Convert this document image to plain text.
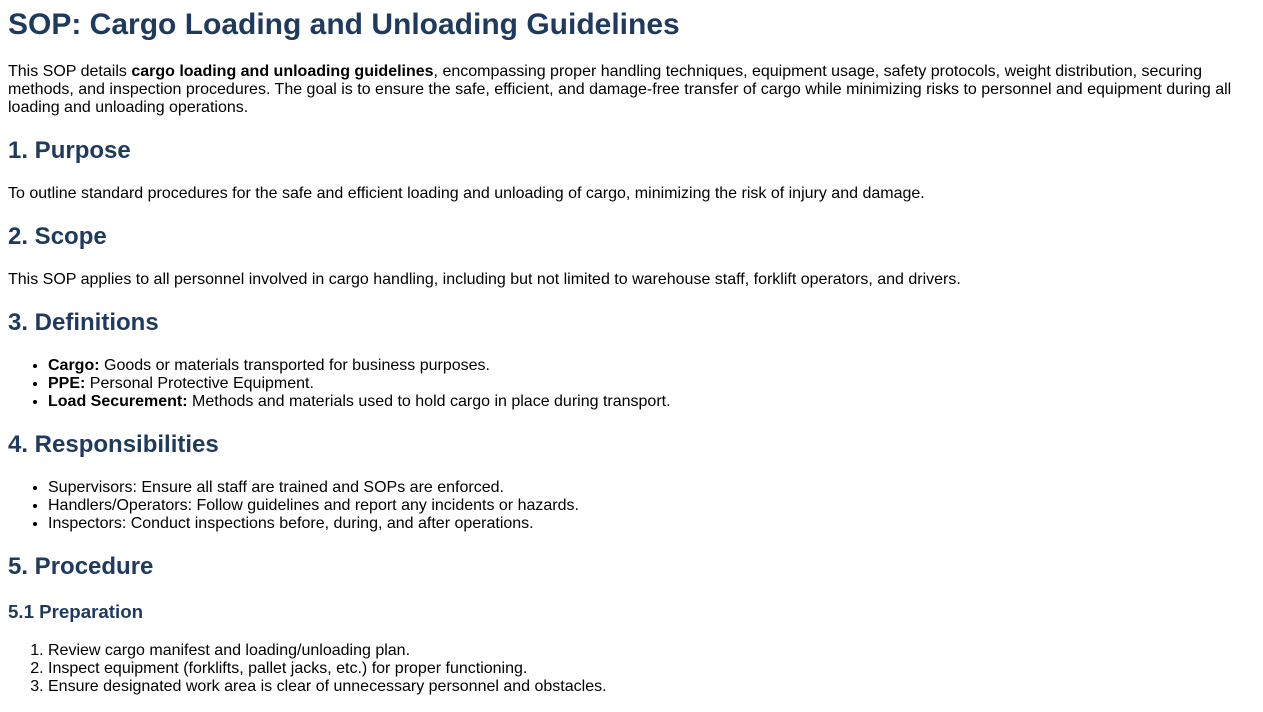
SOP: Cargo Loading and Unloading Guidelines

This SOP details cargo loading and unloading guidelines, encompassing proper handling techniques, equipment usage, safety protocols, weight distribution, securing methods, and inspection procedures. The goal is to ensure the safe, efficient, and damage-free transfer of cargo while minimizing risks to personnel and equipment during all loading and unloading operations.

1. Purpose

To outline standard procedures for the safe and efficient loading and unloading of cargo, minimizing the risk of injury and damage.

2. Scope

This SOP applies to all personnel involved in cargo handling, including but not limited to warehouse staff, forklift operators, and drivers.

3. Definitions
• Cargo: Goods or materials transported for business purposes.
• PPE: Personal Protective Equipment.
• Load Securement: Methods and materials used to hold cargo in place during transport.
4. Responsibilities
• Supervisors: Ensure all staff are trained and SOPs are enforced.
• Handlers/Operators: Follow guidelines and report any incidents or hazards.
• Inspectors: Conduct inspections before, during, and after operations.
5. Procedure
5.1 Preparation
1. Review cargo manifest and loading/unloading plan.
2. Inspect equipment (forklifts, pallet jacks, etc.) for proper functioning.
3. Ensure designated work area is clear of unnecessary personnel and obstacles.
